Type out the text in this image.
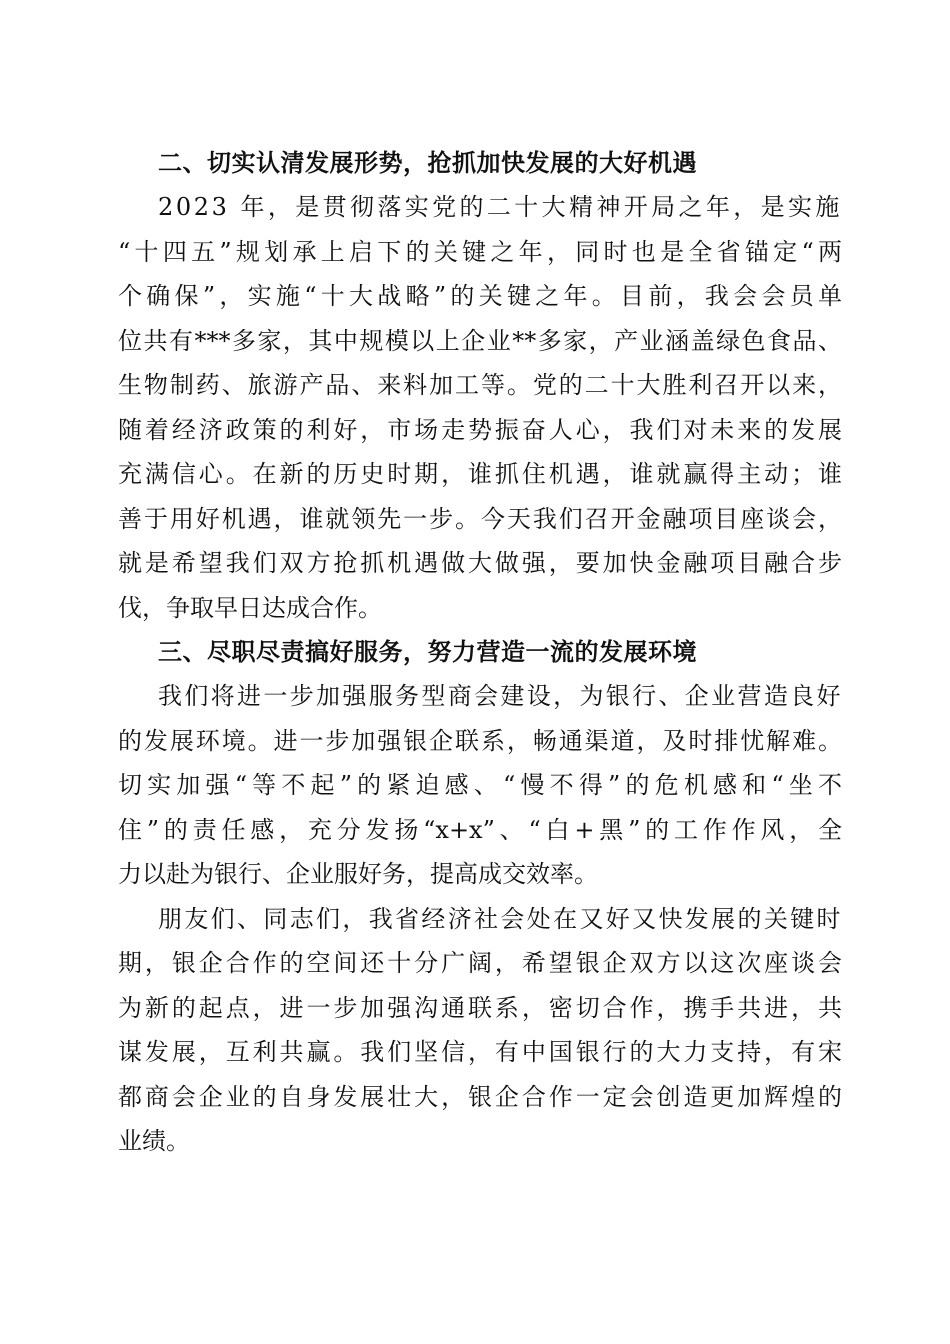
二、切实认清发展形势，抢抓加快发展的大好机遇
2023 年，是贯彻落实党的二十大精神开局之年，是实施
“十四五”规划承上启下的关键之年，同时也是全省锚定“两
个确保”，实施“十大战略”的关键之年。目前，我会会员单
位共有***多家，其中规模以上企业**多家，产业涵盖绿色食品、
生物制药、旅游产品、来料加工等。党的二十大胜利召开以来，
随着经济政策的利好，市场走势振奋人心，我们对未来的发展
充满信心。在新的历史时期，谁抓住机遇，谁就赢得主动；谁
善于用好机遇，谁就领先一步。今天我们召开金融项目座谈会，
就是希望我们双方抢抓机遇做大做强，要加快金融项目融合步
伐，争取早日达成合作。
三、尽职尽责搞好服务，努力营造一流的发展环境
我们将进一步加强服务型商会建设，为银行、企业营造良好
的发展环境。进一步加强银企联系，畅通渠道，及时排忧解难。
切实加强“等不起”的紧迫感、“慢不得”的危机感和“坐不
住”的责任感，充分发扬“x+x”、“白+黑”的工作作风，全
力以赴为银行、企业服好务，提高成交效率。
朋友们、同志们，我省经济社会处在又好又快发展的关键时
期，银企合作的空间还十分广阔，希望银企双方以这次座谈会
为新的起点，进一步加强沟通联系，密切合作，携手共进，共
谋发展，互利共赢。我们坚信，有中国银行的大力支持，有宋
都商会企业的自身发展壮大，银企合作一定会创造更加辉煌的
业绩。
